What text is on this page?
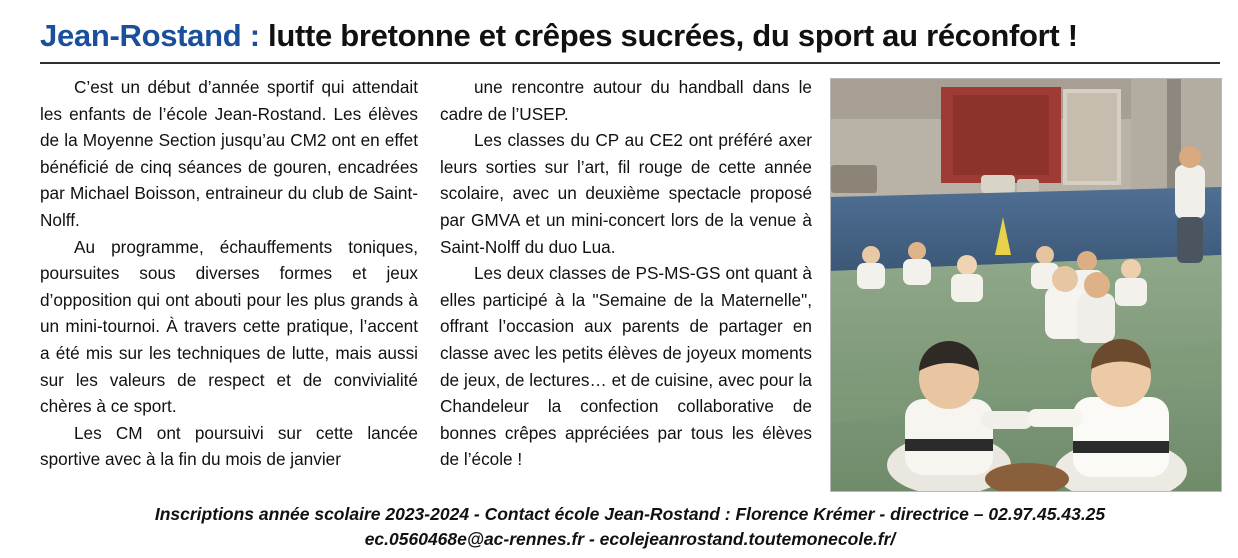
Jean-Rostand : lutte bretonne et crêpes sucrées, du sport au réconfort !

C’est un début d’année sportif qui attendait les enfants de l’école Jean-Rostand. Les élèves de la Moyenne Section jusqu’au CM2 ont en effet bénéficié de cinq séances de gouren, encadrées par Michael Boisson, entraineur du club de Saint-Nolff.

Au programme, échauffements toniques, poursuites sous diverses formes et jeux d’opposition qui ont abouti pour les plus grands à un mini-tournoi. À travers cette pratique, l’accent a été mis sur les techniques de lutte, mais aussi sur les valeurs de respect et de convivialité chères à ce sport.

Les CM ont poursuivi sur cette lancée sportive avec à la fin du mois de janvier

une rencontre autour du handball dans le cadre de l’USEP.

Les classes du CP au CE2 ont préféré axer leurs sorties sur l’art, fil rouge de cette année scolaire, avec un deuxième spectacle proposé par GMVA et un mini-concert lors de la venue à Saint-Nolff du duo Lua.

Les deux classes de PS-MS-GS ont quant à elles participé à la "Semaine de la Maternelle", offrant l’occasion aux parents de partager en classe avec les petits élèves de joyeux moments de jeux, de lectures… et de cuisine, avec pour la Chandeleur la confection collaborative de bonnes crêpes appréciées par tous les élèves de l’école !

Inscriptions année scolaire 2023-2024 - Contact école Jean-Rostand : Florence Krémer - directrice – 02.97.45.43.25
ec.0560468e@ac-rennes.fr - ecolejeanrostand.toutemonecole.fr/
